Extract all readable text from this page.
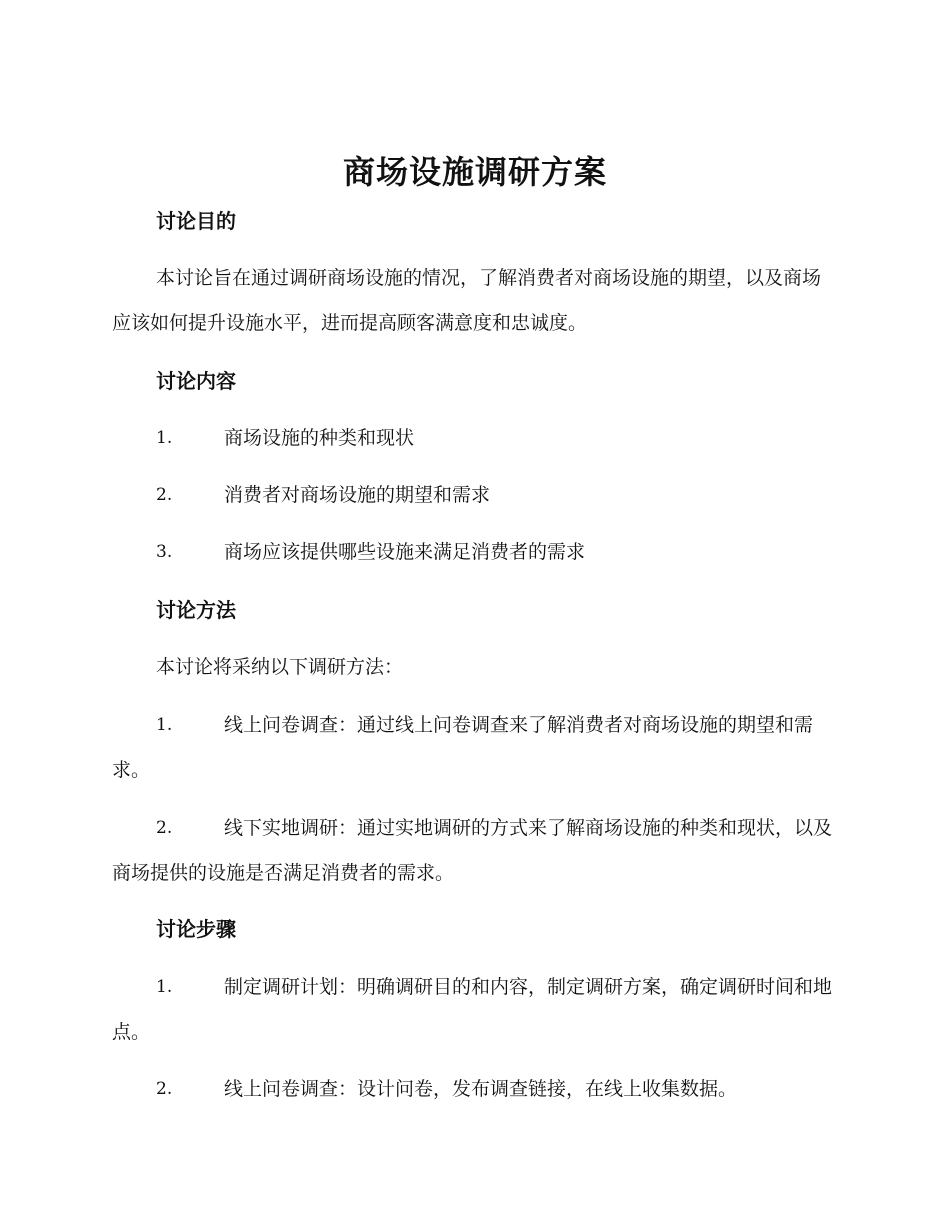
商场设施调研方案
讨论目的

本讨论旨在通过调研商场设施的情况，了解消费者对商场设施的期望，以及商场应该如何提升设施水平，进而提高顾客满意度和忠诚度。

讨论内容
1.	商场设施的种类和现状
2.	消费者对商场设施的期望和需求
3.	商场应该提供哪些设施来满足消费者的需求
讨论方法

本讨论将采纳以下调研方法：

1.	线上问卷调查：通过线上问卷调查来了解消费者对商场设施的期望和需求。
2.	线下实地调研：通过实地调研的方式来了解商场设施的种类和现状，以及商场提供的设施是否满足消费者的需求。
讨论步骤
1.	制定调研计划：明确调研目的和内容，制定调研方案，确定调研时间和地点。
2.	线上问卷调查：设计问卷，发布调查链接，在线上收集数据。
